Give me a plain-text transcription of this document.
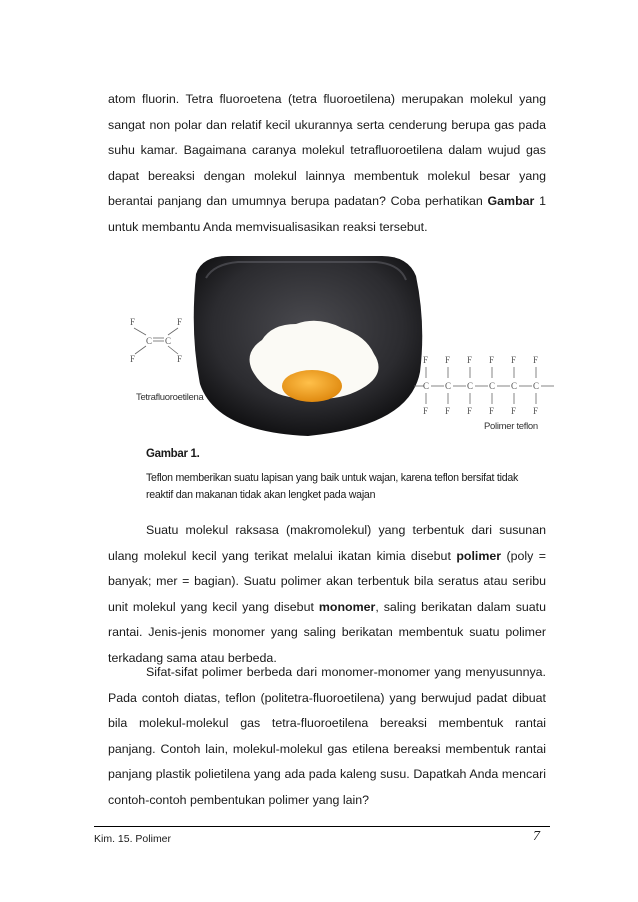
atom fluorin. Tetra fluoroetena (tetra fluoroetilena) merupakan molekul yang sangat non polar dan relatif kecil ukurannya serta cenderung berupa gas pada suhu kamar. Bagaimana caranya molekul tetrafluoroetilena dalam wujud gas dapat bereaksi dengan molekul lainnya membentuk molekul besar yang berantai panjang dan umumnya berupa padatan? Coba perhatikan Gambar 1 untuk membantu Anda memvisualisasikan reaksi tersebut.

F	F
C C
F	F	F
C
F
F
C
F
F
C
F
F
C
F
F
C
F
F
C
F
Tetrafluoroetilena
Polimer teflon

Gambar 1.

Teflon memberikan suatu lapisan yang baik untuk wajan, karena teflon bersifat tidak reaktif dan makanan tidak akan lengket pada wajan

Suatu molekul raksasa (makromolekul) yang terbentuk dari susunan ulang molekul kecil yang terikat melalui ikatan kimia disebut polimer (poly = banyak; mer = bagian). Suatu polimer akan terbentuk bila seratus atau seribu unit molekul yang kecil yang disebut monomer, saling berikatan dalam suatu rantai. Jenis-jenis monomer yang saling berikatan membentuk suatu polimer terkadang sama atau berbeda.

Sifat-sifat polimer berbeda dari monomer-monomer yang menyusunnya. Pada contoh diatas, teflon (politetra-fluoroetilena) yang berwujud padat dibuat bila molekul-molekul gas tetra-fluoroetilena bereaksi membentuk rantai panjang. Contoh lain, molekul-molekul gas etilena bereaksi membentuk rantai panjang plastik polietilena yang ada pada kaleng susu. Dapatkah Anda mencari contoh-contoh pembentukan polimer yang lain?

Kim. 15. Polimer	7
